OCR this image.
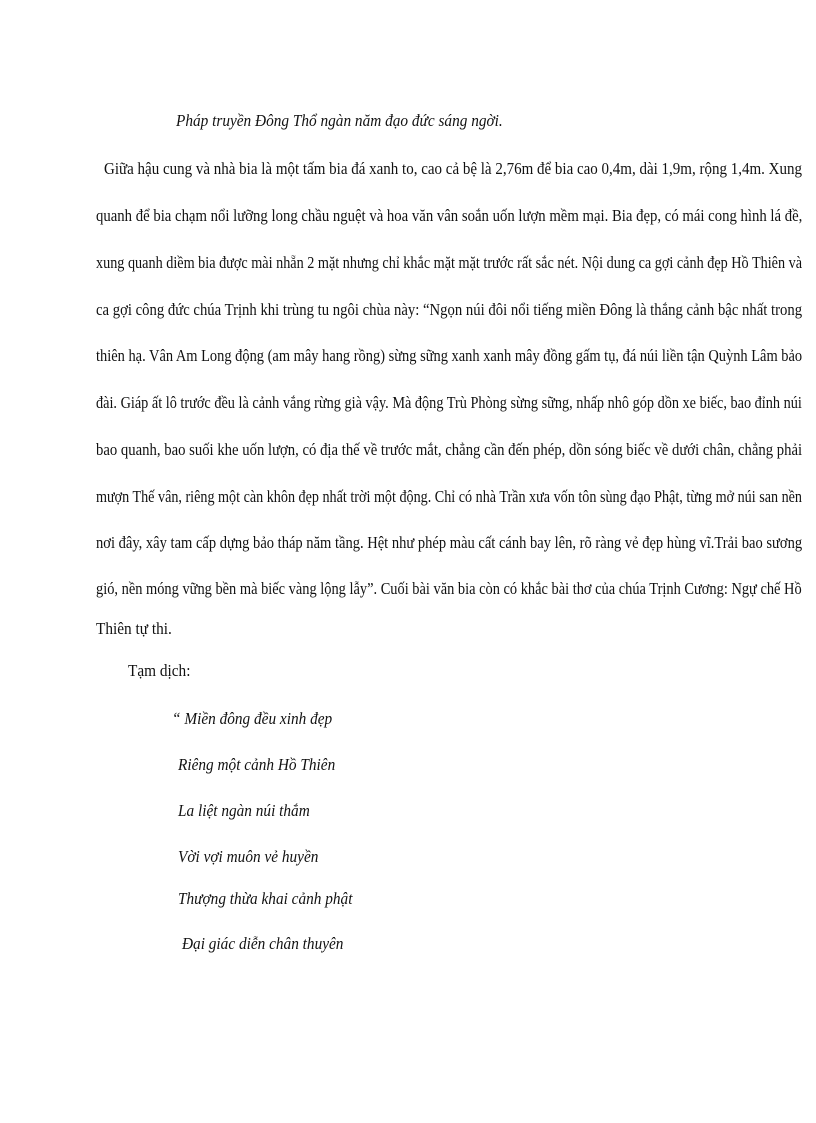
Pháp truyền Đông Thổ ngàn năm đạo đức sáng ngời.
Giữa hậu cung và nhà bia là một tấm bia đá xanh to, cao cả bệ là 2,76m để bia cao 0,4m, dài 1,9m, rộng 1,4m. Xung
quanh để bia chạm nổi lưỡng long chầu nguệt và hoa văn vân soắn uốn lượn mềm mại. Bia đẹp, có mái cong hình lá đề,
xung quanh diềm bia được mài nhẵn 2 mặt nhưng chỉ khắc mặt mặt trước rất sắc nét. Nội dung ca gợi cảnh đẹp Hồ Thiên và
ca gợi công đức chúa Trịnh khi trùng tu ngôi chùa này: “Ngọn núi đôi nổi tiếng miền Đông là thắng cảnh bậc nhất trong
thiên hạ. Vân Am Long động (am mây hang rồng) sừng sững xanh xanh mây đồng gấm tụ, đá núi liền tận Quỳnh Lâm bảo
đài. Giáp ất lô trước đều là cảnh vắng rừng già vậy. Mà động Trù Phòng sừng sững, nhấp nhô góp dồn xe biếc, bao đỉnh núi
bao quanh, bao suối khe uốn lượn, có địa thế về trước mắt, chẳng cần đến phép, dồn sóng biếc về dưới chân, chẳng phải
mượn Thế vân, riêng một càn khôn đẹp nhất trời một động. Chỉ có nhà Trần xưa vốn tôn sùng đạo Phật, từng mở núi san nền
nơi đây, xây tam cấp dựng bảo tháp năm tầng. Hệt như phép màu cất cánh bay lên, rõ ràng vẻ đẹp hùng vĩ.Trải bao sương
gió, nền móng vững bền mà biếc vàng lộng lẫy”. Cuối bài văn bia còn có khắc bài thơ của chúa Trịnh Cương: Ngự chế Hồ
Thiên tự thi.
Tạm dịch:
“ Miền đông đều xinh đẹp
Riêng một cảnh Hồ Thiên
La liệt ngàn núi thắm
Vời vợi muôn vẻ huyền
Thượng thừa khai cảnh phật
Đại giác diễn chân thuyên
